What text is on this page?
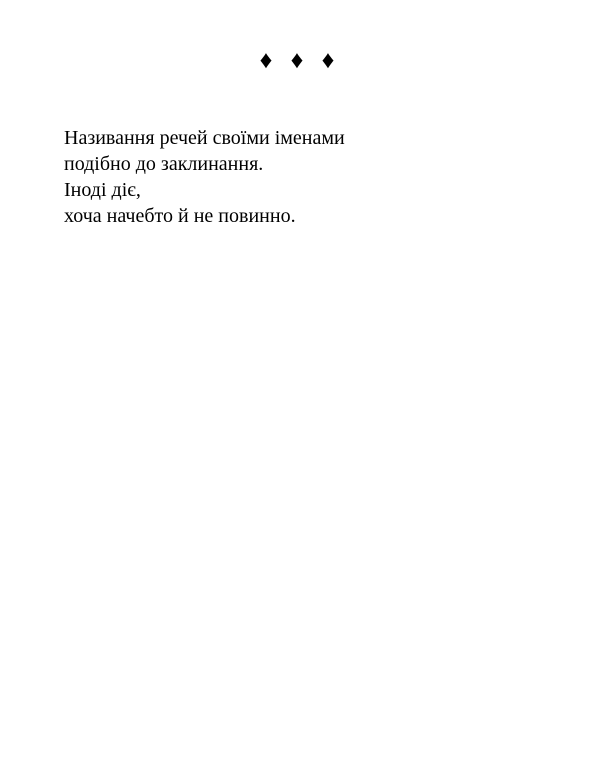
♦ ♦ ♦
Називання речей своїми іменами
подібно до заклинання.
Іноді діє,
хоча начебто й не повинно.
